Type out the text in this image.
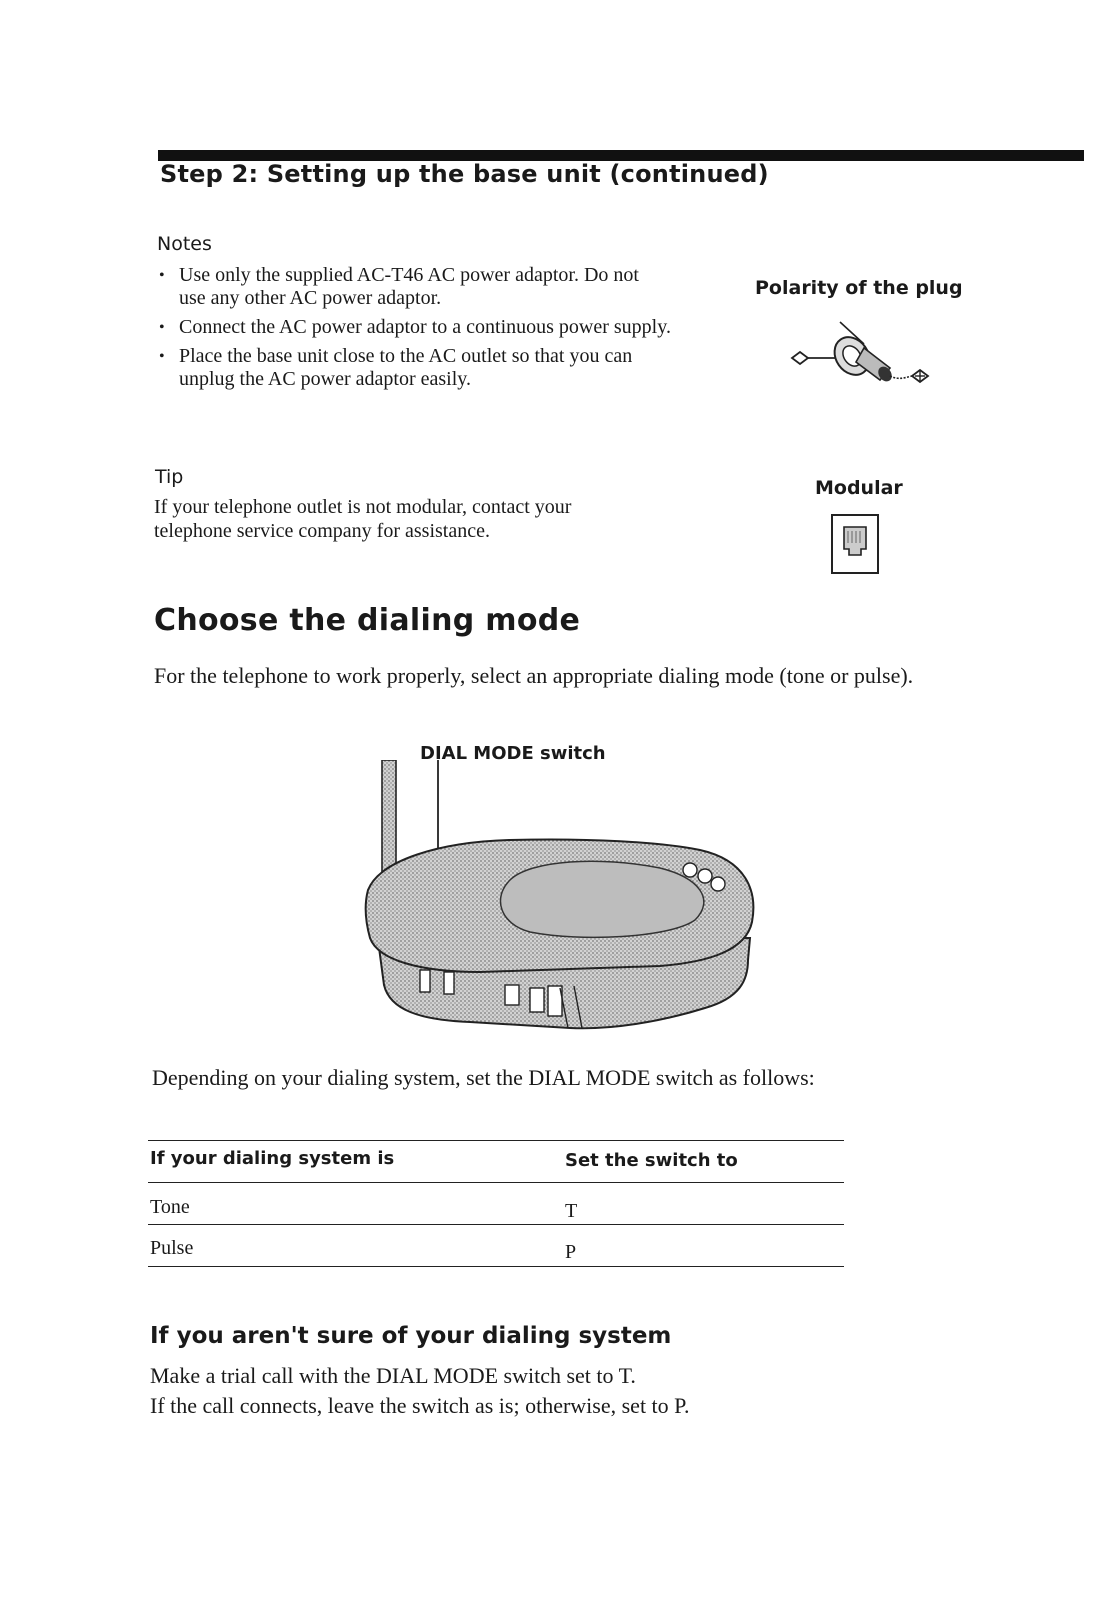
Step 2: Setting up the base unit (continued)
Notes
• Use only the supplied AC-T46 AC power adaptor. Do not use any other AC power adaptor.
• Connect the AC power adaptor to a continuous power supply.
• Place the base unit close to the AC outlet so that you can unplug the AC power adaptor easily.
Tip
If your telephone outlet is not modular, contact your telephone service company for assistance.
Polarity of the plug
Modular
Choose the dialing mode
For the telephone to work properly, select an appropriate dialing mode (tone or pulse).
DIAL MODE switch
Depending on your dialing system, set the DIAL MODE switch as follows:
If your dialing system is	Set the switch to
Tone	T
Pulse	P
If you aren't sure of your dialing system
Make a trial call with the DIAL MODE switch set to T.
If the call connects, leave the switch as is; otherwise, set to P.
